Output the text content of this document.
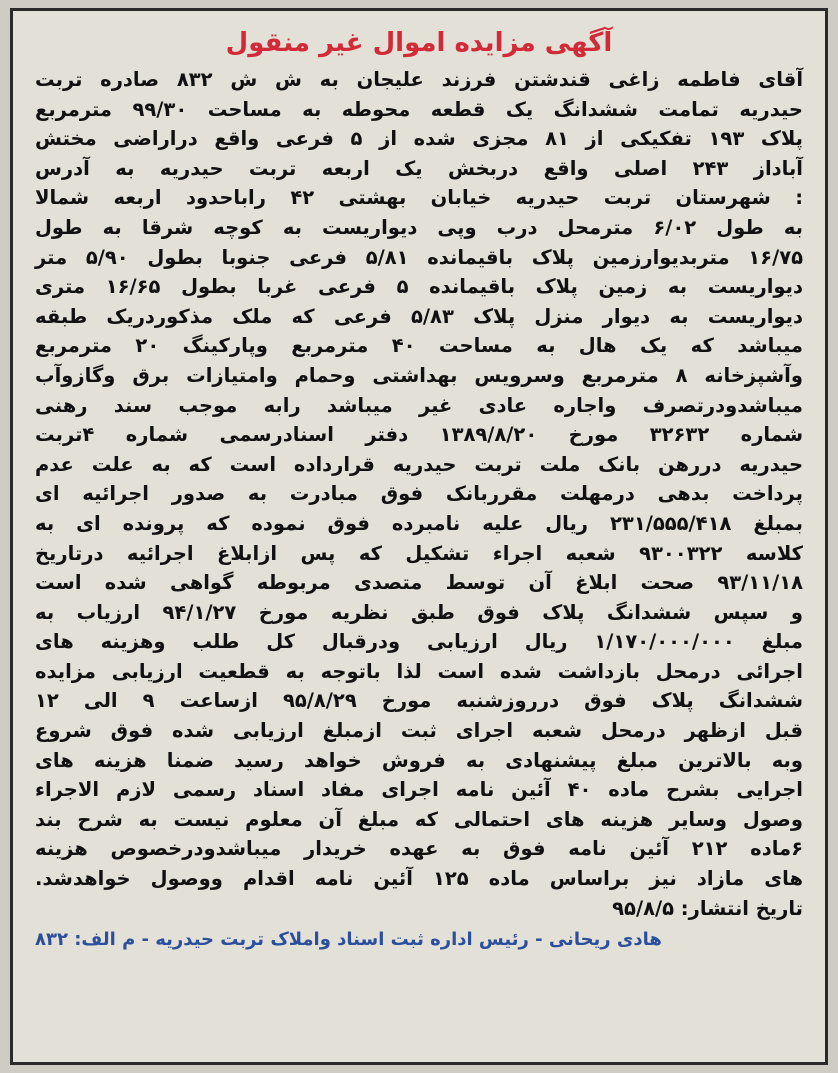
آگهی مزایده اموال غیر منقول
آقای فاطمه زاغی قندشتن فرزند علیجان به ش ش ۸۳۲ صادره تربت
حیدریه تمامت ششدانگ یک قطعه محوطه به مساحت ۹۹/۳۰ مترمربع
پلاک ۱۹۳ تفکیکی از ۸۱ مجزی شده از ۵ فرعی واقع دراراضی مختش
آباداز ۲۴۳ اصلی واقع دربخش یک اربعه تربت حیدریه به آدرس
: شهرستان تربت حیدریه خیابان بهشتی ۴۲ راباحدود اربعه شمالا
به طول ۶/۰۲ مترمحل درب وپی دیواریست به کوچه شرقا به طول
۱۶/۷۵ متربدیوارزمین پلاک باقیمانده ۵/۸۱ فرعی جنوبا بطول ۵/۹۰ متر
دیواریست به زمین پلاک باقیمانده ۵ فرعی غربا بطول ۱۶/۶۵ متری
دیواریست به دیوار منزل پلاک ۵/۸۳ فرعی که ملک مذکوردریک طبقه
میباشد که یک هال به مساحت ۴۰ مترمربع وپارکینگ ۲۰ مترمربع
وآشپزخانه ۸ مترمربع وسرویس بهداشتی وحمام وامتیازات برق وگازوآب
میباشدودرتصرف واجاره عادی غیر میباشد رابه موجب سند رهنی
شماره ۳۲۶۳۲ مورخ ۱۳۸۹/۸/۲۰ دفتر اسنادرسمی شماره ۴تربت
حیدریه دررهن بانک ملت تربت حیدریه قرارداده است که به علت عدم
پرداخت بدهی درمهلت مقرربانک فوق مبادرت به صدور اجرائیه ای
بمبلغ ۲۳۱/۵۵۵/۴۱۸ ریال علیه نامبرده فوق نموده که پرونده ای به
کلاسه ۹۳۰۰۳۲۲ شعبه اجراء تشکیل که پس ازابلاغ اجرائیه درتاریخ
۹۳/۱۱/۱۸ صحت ابلاغ آن توسط متصدی مربوطه گواهی شده است
و سپس ششدانگ پلاک فوق طبق نظریه مورخ ۹۴/۱/۲۷ ارزیاب به
مبلغ ۱/۱۷۰/۰۰۰/۰۰۰ ریال ارزیابی ودرقبال کل طلب وهزینه های
اجرائی درمحل بازداشت شده است لذا باتوجه به قطعیت ارزیابی مزایده
ششدانگ پلاک فوق درروزشنبه مورخ ۹۵/۸/۲۹ ازساعت ۹ الی ۱۲
قبل ازظهر درمحل شعبه اجرای ثبت ازمبلغ ارزیابی شده فوق شروع
وبه بالاترین مبلغ پیشنهادی به فروش خواهد رسید ضمنا هزینه های
اجرایی بشرح ماده ۴۰ آئین نامه اجرای مفاد اسناد رسمی لازم الاجراء
وصول وسایر هزینه های احتمالی که مبلغ آن معلوم نیست به شرح بند
۶ماده ۲۱۲ آئین نامه فوق به عهده خریدار میباشدودرخصوص هزینه
های مازاد نیز براساس ماده ۱۲۵ آئین نامه اقدام ووصول خواهدشد.
تاریخ انتشار: ۹۵/۸/۵
هادی ریحانی - رئیس اداره ثبت اسناد واملاک تربت حیدریه - م الف: ۸۳۲
